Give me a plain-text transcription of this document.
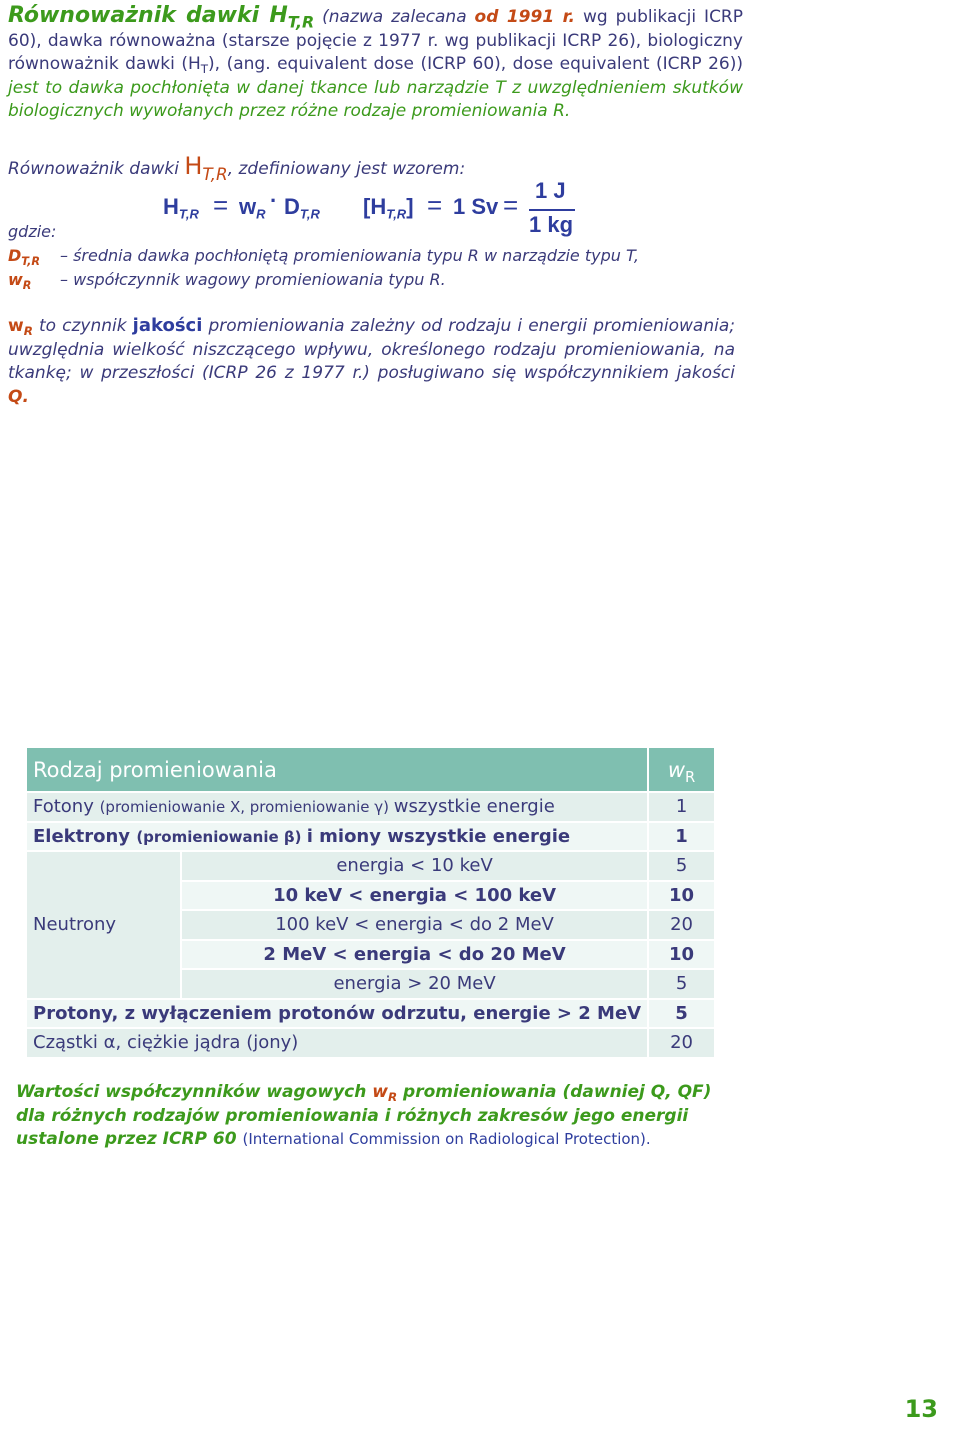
Równoważnik dawki $H_{T,R}$ (nazwa zalecana od 1991 r. wg publikacji ICRP 60), dawka równoważna (starsze pojęcie z 1977 r. wg publikacji ICRP 26), biologiczny równoważnik dawki $(H_T)$, (ang. equivalent dose (ICRP 60), dose equivalent (ICRP 26)) jest to dawka pochłonięta w danej tkance lub narządzie T z uwzględnieniem skutków biologicznych wywołanych przez różne rodzaje promieniowania R.
Równoważnik dawki $H_{T,R}$, zdefiniowany jest wzorem:
$H_{T,R} = w_R$
· $D_{T,R}$ $[H_{T,R}] = 1$ Sv = 1 J
1 kg
gdzie:
$D_{T,R}$ – średnia dawka pochłoniętą promieniowania typu R w narządzie typu T,
$w_R$ – współczynnik wagowy promieniowania typu R.
$w_R$ to czynnik jakości promieniowania zależny od rodzaju i energii promieniowania; uwzględnia wielkość niszczącego wpływu, określonego rodzaju promieniowania, na tkankę; w przeszłości (ICRP 26 z 1977 r.) posługiwano się współczynnikiem jakości Q.
Rodzaj promieniowania		$w_R$
Fotony (promieniowanie X, promieniowanie γ) wszystkie energie		1
Elektrony (promieniowanie β) i miony wszystkie energie		1
Neutrony	energia < 10 keV	5
	10 keV < energia < 100 keV	10
	100 keV < energia < do 2 MeV	20
	2 MeV < energia < do 20 MeV	10
	energia > 20 MeV	5
Protony, z wyłączeniem protonów odrzutu, energie > 2 MeV		5
Cząstki α, ciężkie jądra (jony)		20
Wartości współczynników wagowych $w_R$ promieniowania (dawniej Q, QF) dla różnych rodzajów promieniowania i różnych zakresów jego energii ustalone przez ICRP 60 (International Commission on Radiological Protection).
13
